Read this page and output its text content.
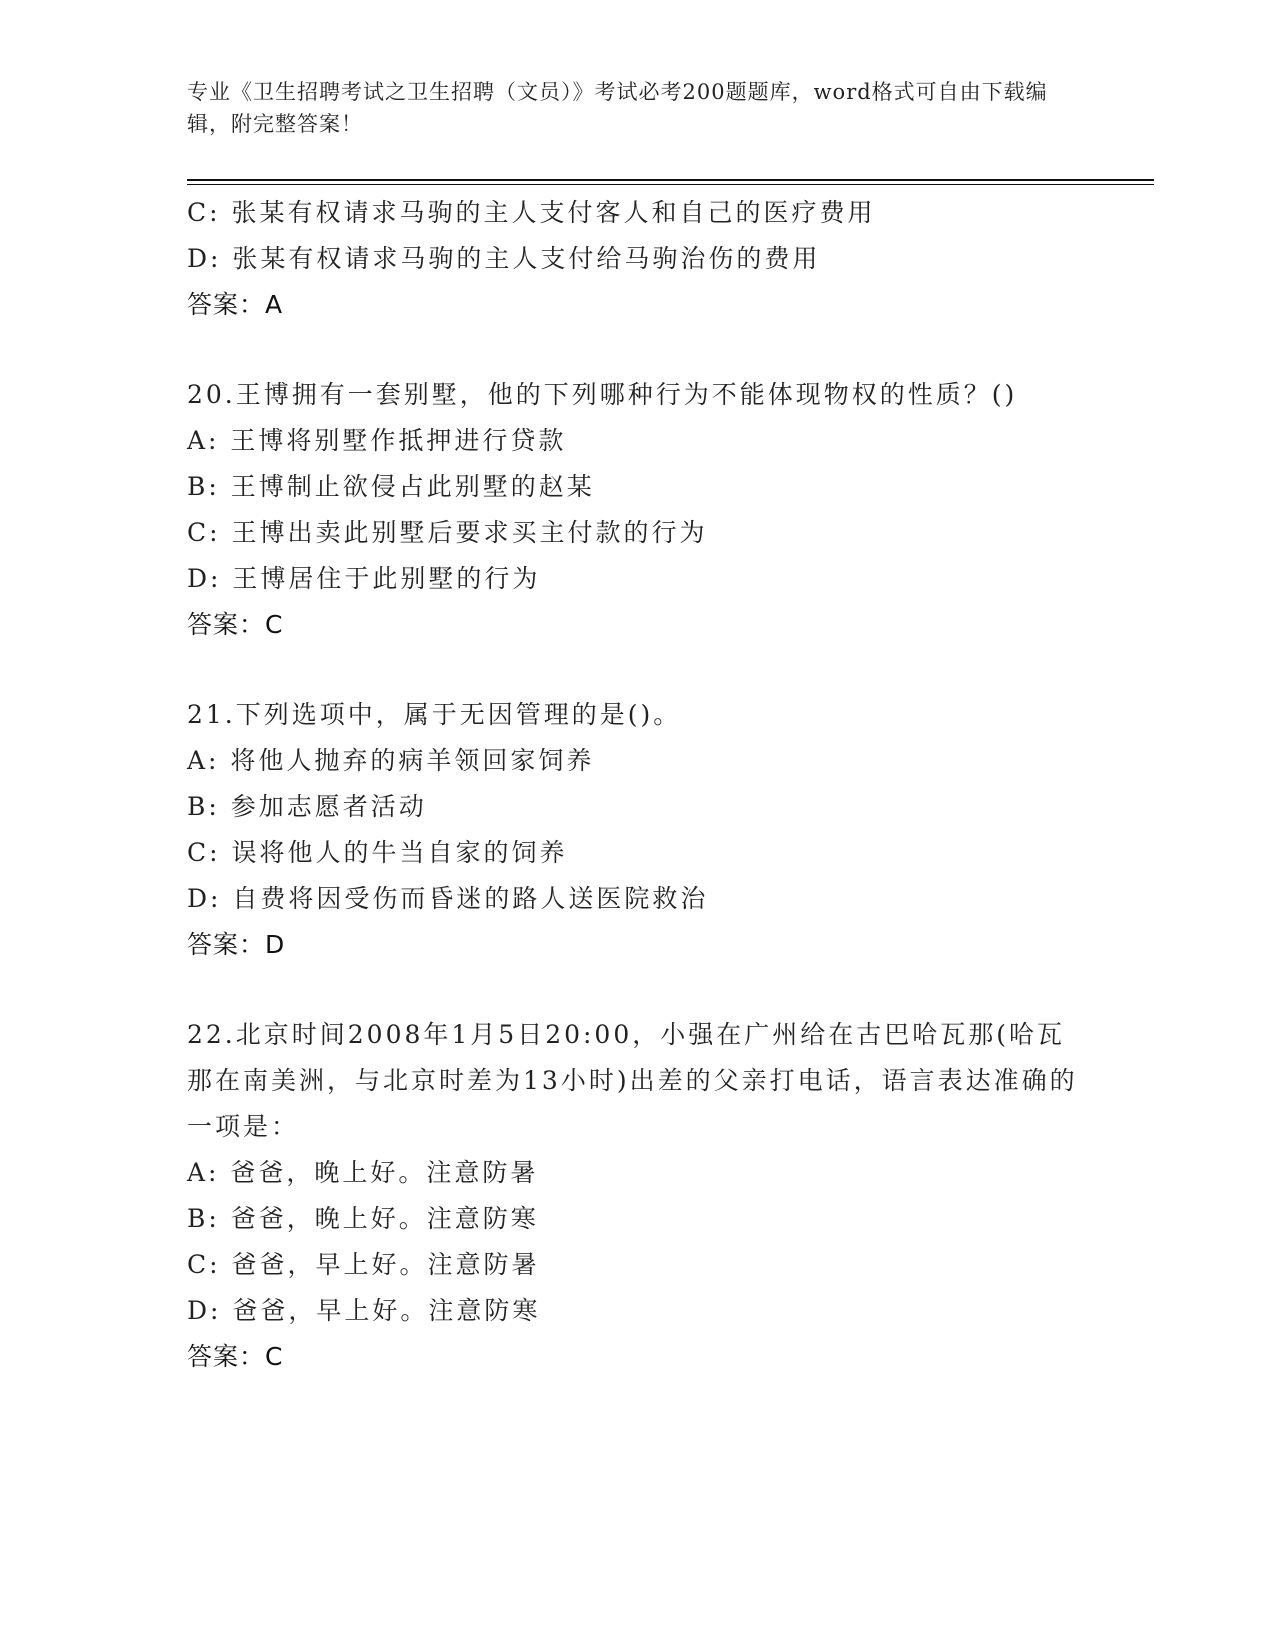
专业《卫生招聘考试之卫生招聘（文员）》考试必考200题题库，word格式可自由下载编辑，附完整答案！
C: 张某有权请求马驹的主人支付客人和自己的医疗费用
D: 张某有权请求马驹的主人支付给马驹治伤的费用
答案：A
20.王博拥有一套别墅，他的下列哪种行为不能体现物权的性质？()
A: 王博将别墅作抵押进行贷款
B: 王博制止欲侵占此别墅的赵某
C: 王博出卖此别墅后要求买主付款的行为
D: 王博居住于此别墅的行为
答案：C
21.下列选项中，属于无因管理的是()。
A: 将他人抛弃的病羊领回家饲养
B: 参加志愿者活动
C: 误将他人的牛当自家的饲养
D: 自费将因受伤而昏迷的路人送医院救治
答案：D
22.北京时间2008年1月5日20:00，小强在广州给在古巴哈瓦那(哈瓦那在南美洲，与北京时差为13小时)出差的父亲打电话，语言表达准确的一项是：
A: 爸爸，晚上好。注意防暑
B: 爸爸，晚上好。注意防寒
C: 爸爸，早上好。注意防暑
D: 爸爸，早上好。注意防寒
答案：C
